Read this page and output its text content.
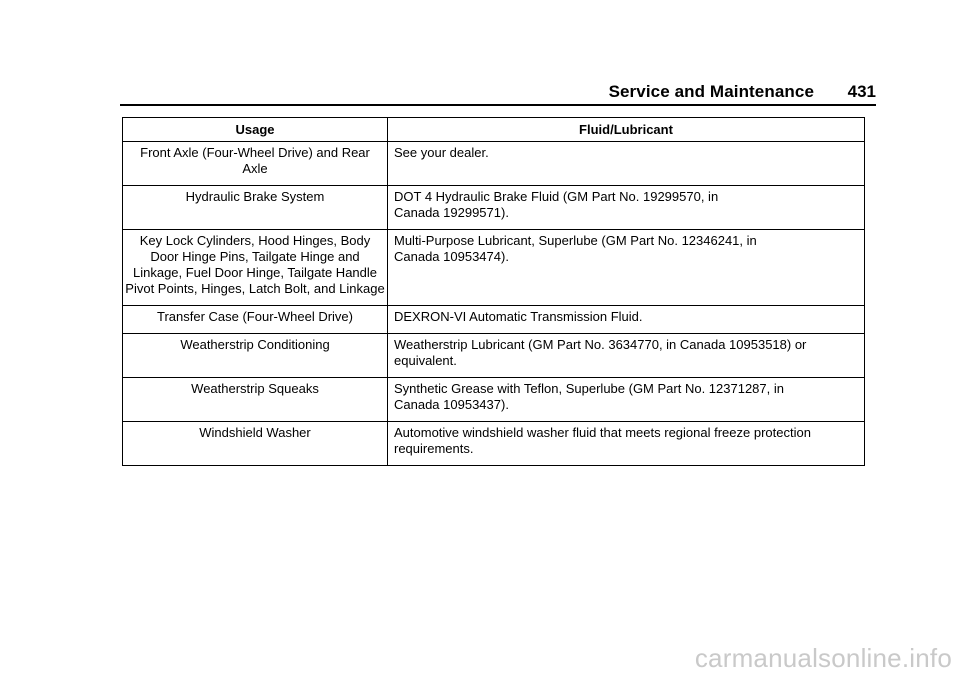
Service and Maintenance 431
Usage	Fluid/Lubricant
Front Axle (Four-Wheel Drive) and Rear Axle	See your dealer.
Hydraulic Brake System	DOT 4 Hydraulic Brake Fluid (GM Part No. 19299570, in Canada 19299571).
Key Lock Cylinders, Hood Hinges, Body Door Hinge Pins, Tailgate Hinge and Linkage, Fuel Door Hinge, Tailgate Handle Pivot Points, Hinges, Latch Bolt, and Linkage	Multi-Purpose Lubricant, Superlube (GM Part No. 12346241, in Canada 10953474).
Transfer Case (Four-Wheel Drive)	DEXRON-VI Automatic Transmission Fluid.
Weatherstrip Conditioning	Weatherstrip Lubricant (GM Part No. 3634770, in Canada 10953518) or equivalent.
Weatherstrip Squeaks	Synthetic Grease with Teflon, Superlube (GM Part No. 12371287, in Canada 10953437).
Windshield Washer	Automotive windshield washer fluid that meets regional freeze protection requirements.
carmanualsonline.info
